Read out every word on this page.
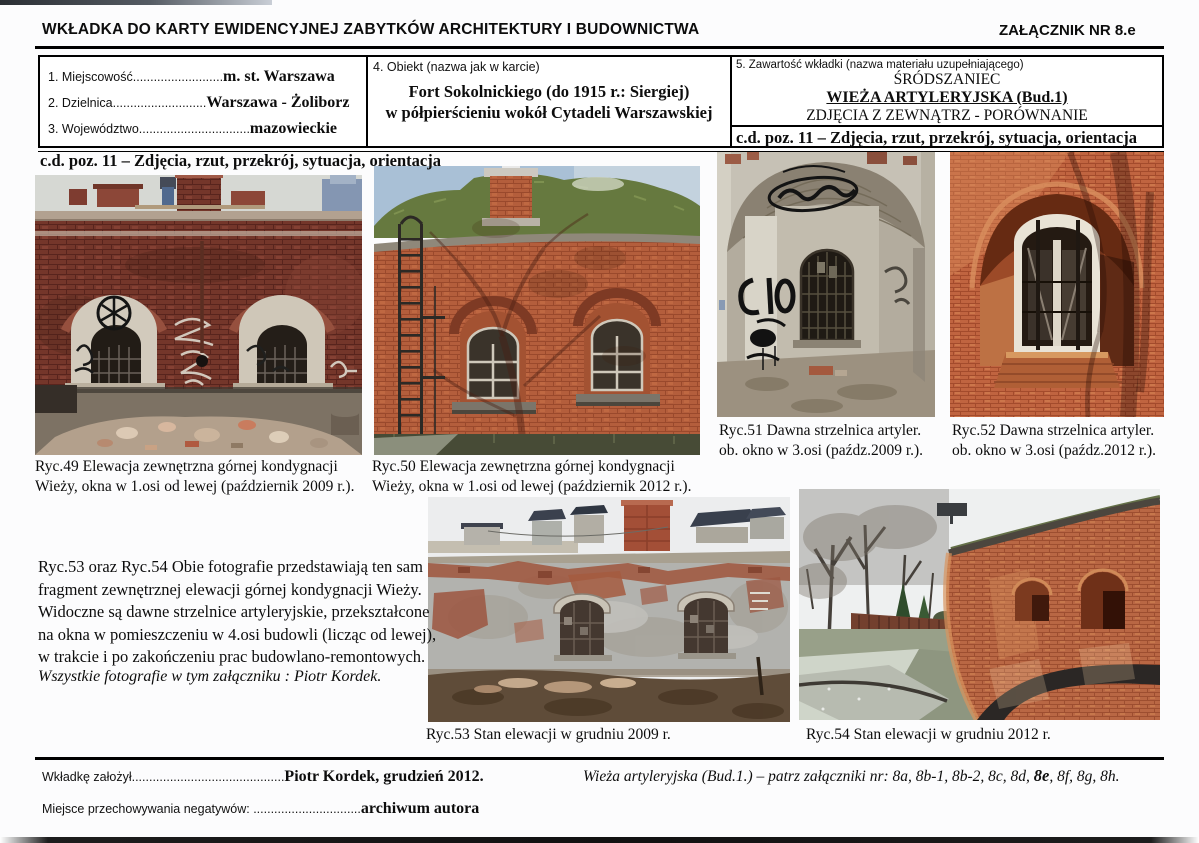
WKŁADKA DO KARTY EWIDENCYJNEJ ZABYTKÓW ARCHITEKTURY I BUDOWNICTWA	ZAŁĄCZNIK NR 8.e
1. Miejscowość..........................m. st. Warszawa
2. Dzielnica...........................Warszawa - Żoliborz
3. Województwo................................mazowieckie
4. Obiekt (nazwa jak w karcie)
Fort Sokolnickiego (do 1915 r.: Siergiej)
w półpierścieniu wokół Cytadeli Warszawskiej
5. Zawartość wkładki (nazwa materiału uzupełniającego)
ŚRÓDSZANIEC
WIEŻA ARTYLERYJSKA (Bud.1)
ZDJĘCIA Z ZEWNĄTRZ - PORÓWNANIE
c.d. poz. 11 – Zdjęcia, rzut, przekrój, sytuacja, orientacja
c.d. poz. 11 – Zdjęcia, rzut, przekrój, sytuacja, orientacja
Ryc.49 Elewacja zewnętrzna górnej kondygnacji
Wieży, okna w 1.osi od lewej (październik 2009 r.).
Ryc.50 Elewacja zewnętrzna górnej kondygnacji
Wieży, okna w 1.osi od lewej (październik 2012 r.).
Ryc.51 Dawna strzelnica artyler.
ob. okno w 3.osi (paźdz.2009 r.).
Ryc.52 Dawna strzelnica artyler.
ob. okno w 3.osi (paźdz.2012 r.).
Ryc.53 Stan elewacji w grudniu 2009 r.	Ryc.54 Stan elewacji w grudniu 2012 r.
Ryc.53 oraz Ryc.54 Obie fotografie przedstawiają ten sam
fragment zewnętrznej elewacji górnej kondygnacji Wieży.
Widoczne są dawne strzelnice artyleryjskie, przekształcone
na okna w pomieszczeniu w 4.osi budowli (licząc od lewej),
w trakcie i po zakończeniu prac budowlano-remontowych.
Wszystkie fotografie w tym załączniku : Piotr Kordek.
Wkładkę założył............................................Piotr Kordek, grudzień 2012.
Miejsce przechowywania negatywów: ...............................archiwum autora
Wieża artyleryjska (Bud.1.) – patrz załączniki nr: 8a, 8b-1, 8b-2, 8c, 8d, 8e, 8f, 8g, 8h.
